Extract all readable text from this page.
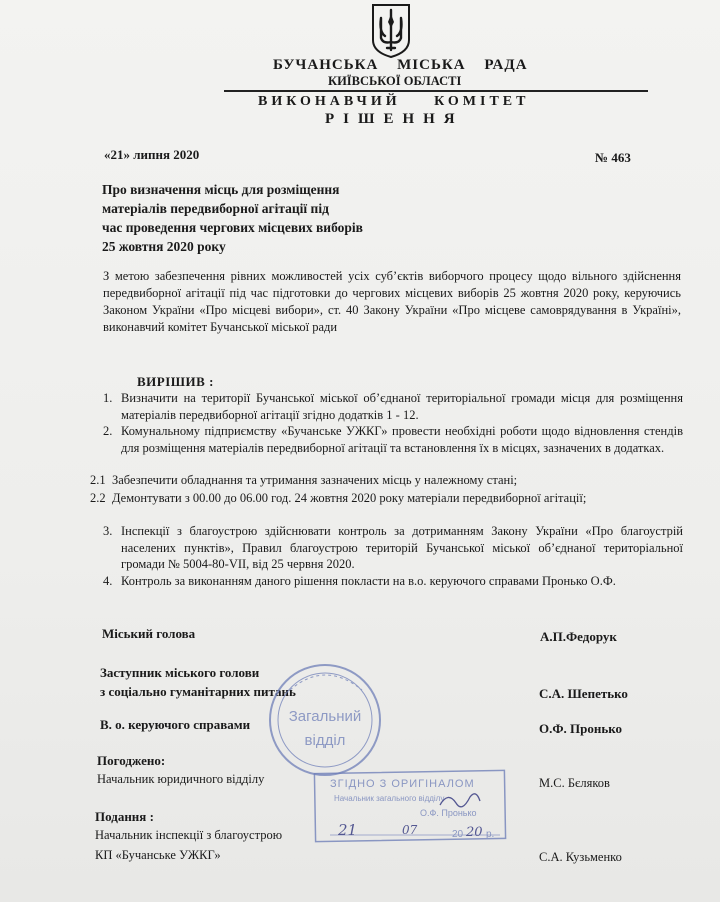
БУЧАНСЬКА МІСЬКА РАДА
КИЇВСЬКОЇ ОБЛАСТІ
ВИКОНАВЧИЙ КОМІТЕТ
РІШЕННЯ
«21» липня 2020	№ 463
Про визначення місць для розміщення
матеріалів передвиборної агітації під
час проведення чергових місцевих виборів
25 жовтня 2020 року
З метою забезпечення рівних можливостей усіх суб’єктів виборчого процесу щодо вільного здійснення передвиборної агітації під час підготовки до чергових місцевих виборів 25 жовтня 2020 року, керуючись Законом України «Про місцеві вибори», ст. 40 Закону України «Про місцеве самоврядування в Україні», виконавчий комітет Бучанської міської ради
ВИРІШИВ :
1. Визначити на території Бучанської міської об’єднаної територіальної громади місця для розміщення матеріалів передвиборної агітації згідно додатків 1 - 12.
2. Комунальному підприємству «Бучанське УЖКГ» провести необхідні роботи щодо відновлення стендів для розміщення матеріалів передвиборної агітації та встановлення їх в місцях, зазначених в додатках.
2.1 Забезпечити обладнання та утримання зазначених місць у належному стані;
2.2 Демонтувати з 00.00 до 06.00 год. 24 жовтня 2020 року матеріали передвиборної агітації;
3. Інспекції з благоустрою здійснювати контроль за дотриманням Закону України «Про благоустрій населених пунктів», Правил благоустрою територій Бучанської міської об’єднаної територіальної громади № 5004-80-VII, від 25 червня 2020.
4. Контроль за виконанням даного рішення покласти на в.о. керуючого справами Пронько О.Ф.
Міський голова	А.П.Федорук
Заступник міського голови
з соціально гуманітарних питань	С.А. Шепетько
В. о. керуючого справами	О.Ф. Пронько
Погоджено:
Начальник юридичного відділу	М.С. Бєляков
Подання :
Начальник інспекції з благоустрою
КП «Бучанське УЖКГ»	С.А. Кузьменко
Загальний
відділ
ЗГІДНО З ОРИГІНАЛОМ
Начальник загального відділу
О.Ф. Пронько
21	07	20 20 р.
